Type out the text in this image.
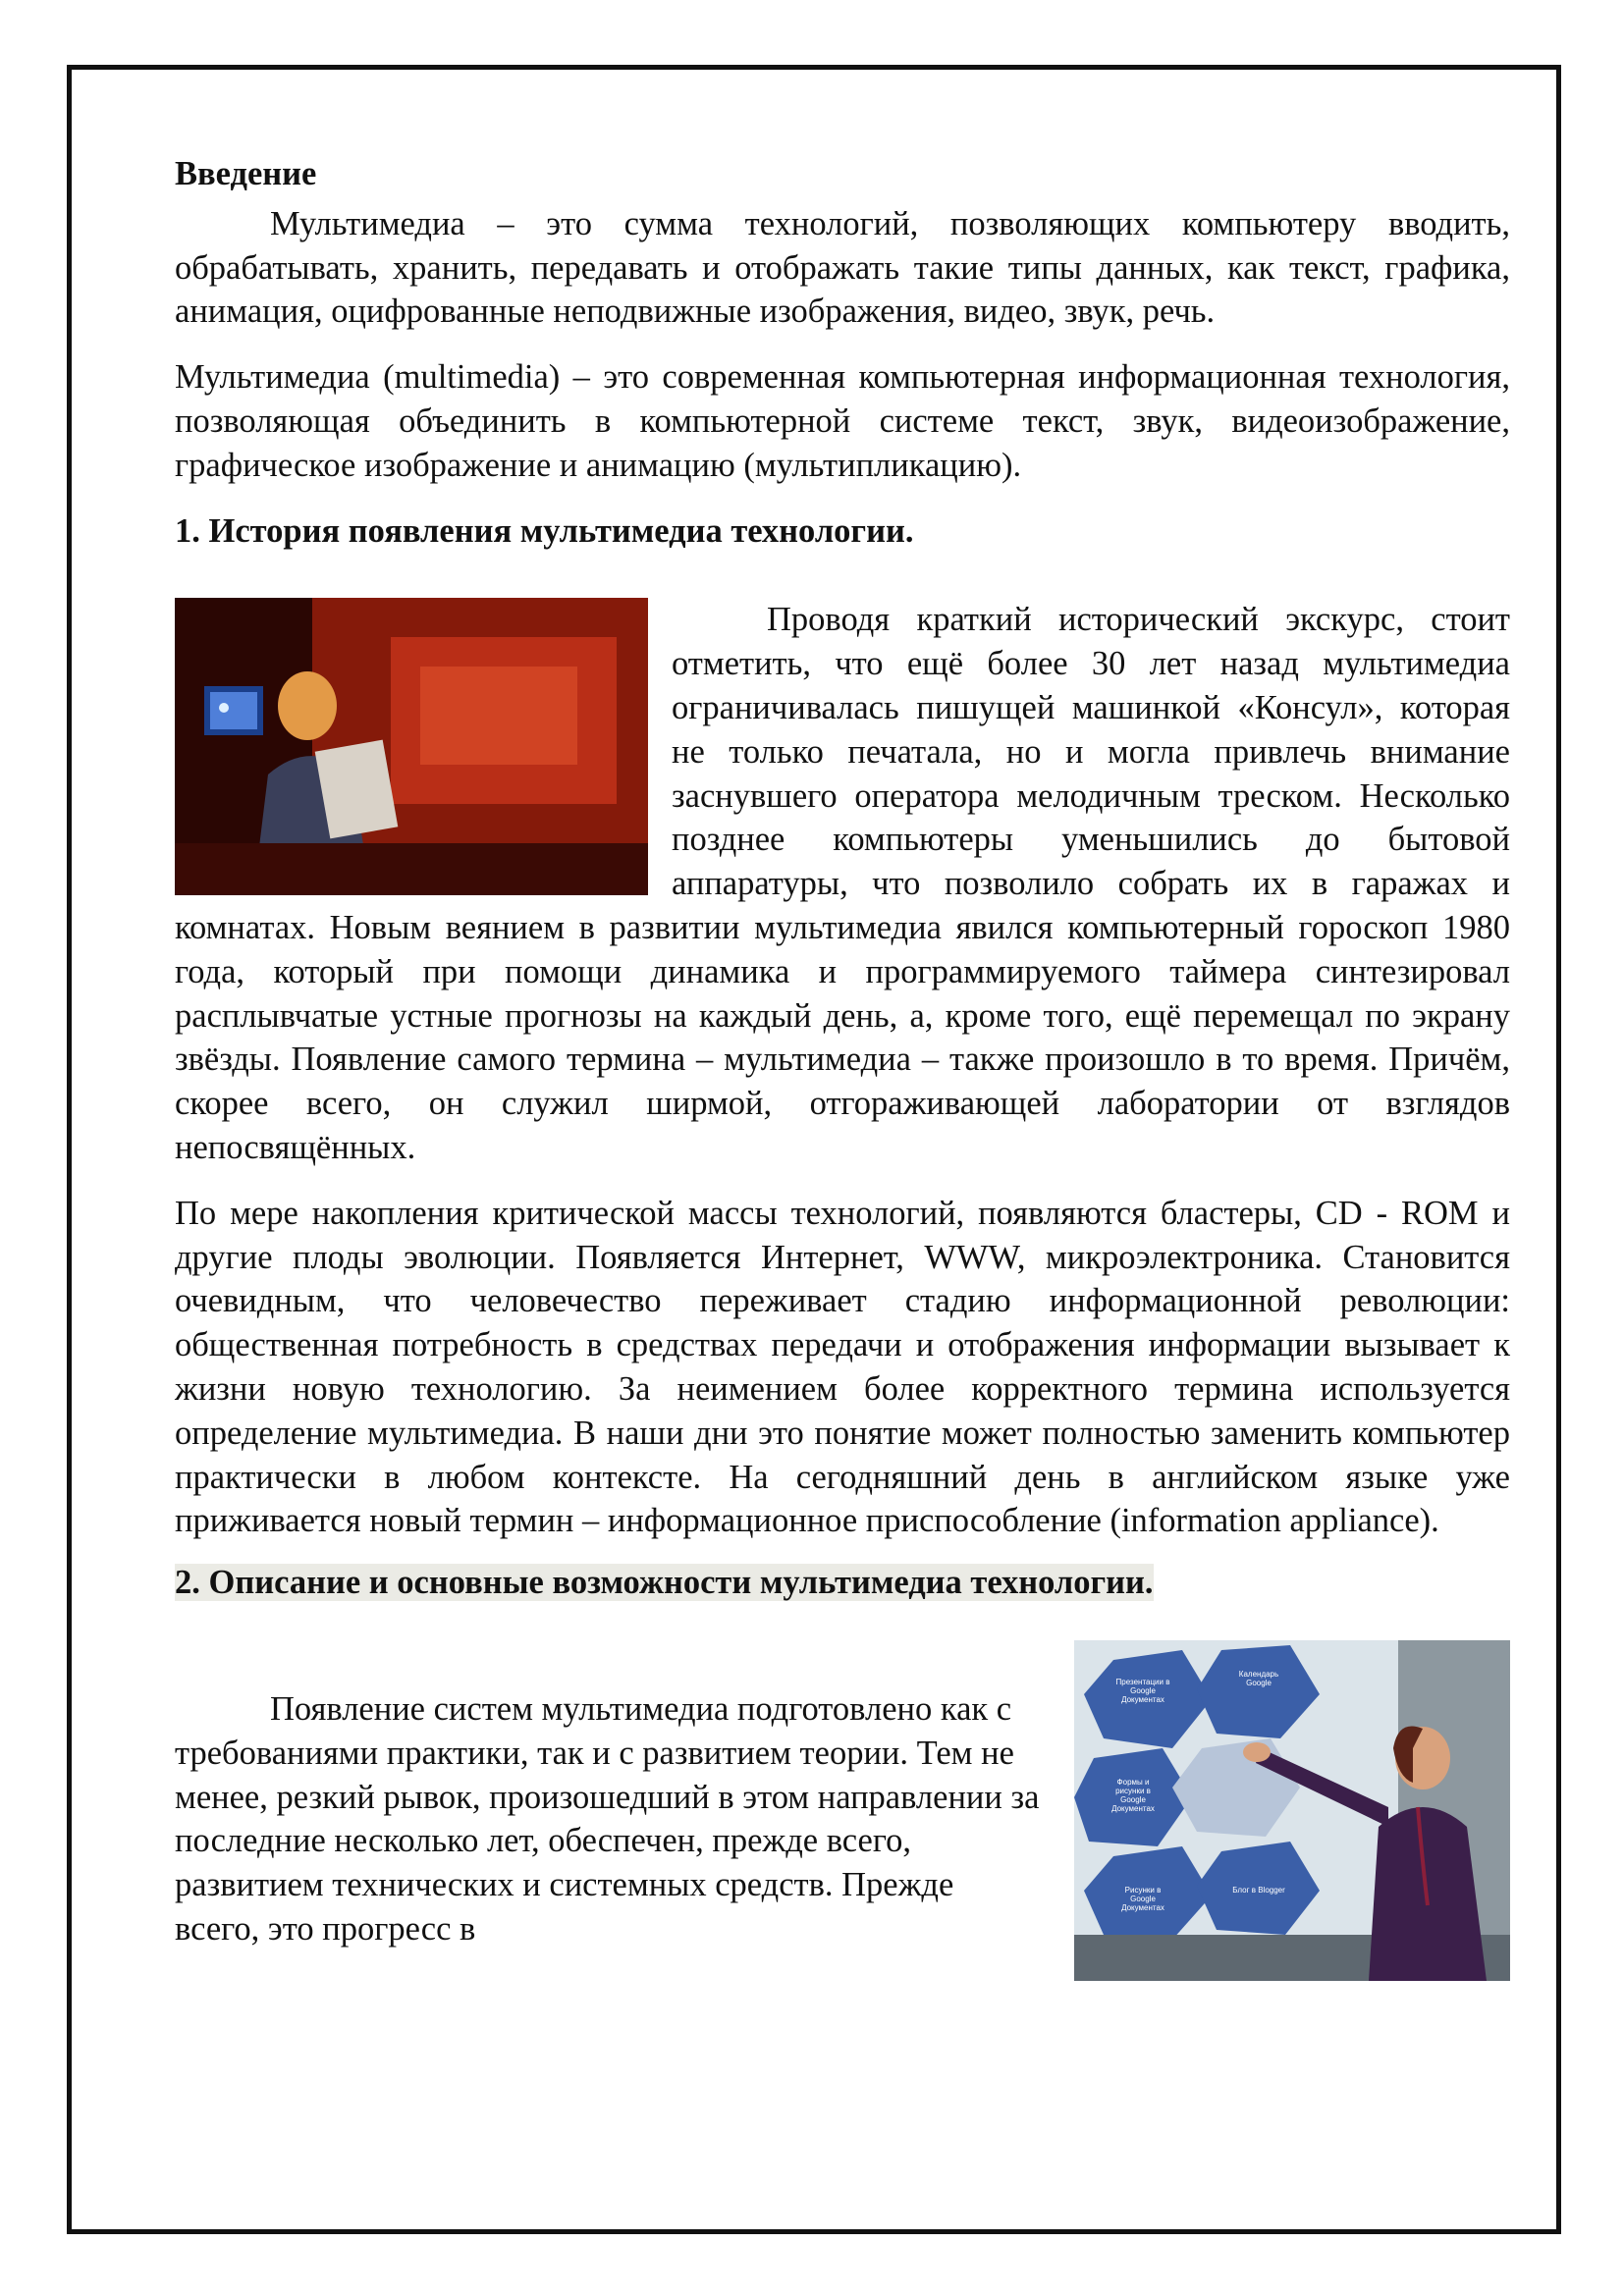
Введение

Мультимедиа – это сумма технологий, позволяющих компьютеру вводить, обрабатывать, хранить, передавать и отображать такие типы данных, как текст, графика, анимация, оцифрованные неподвижные изображения, видео, звук, речь.

Мультимедиа (multimedia) – это современная компьютерная информационная технология, позволяющая объединить в компьютерной системе текст, звук, видеоизображение, графическое изображение и анимацию (мультипликацию).

1. История появления мультимедиа технологии.

Проводя краткий исторический экскурс, стоит отметить, что ещё более 30 лет назад мультимедиа ограничивалась пишущей машинкой «Консул», которая не только печатала, но и могла привлечь внимание заснувшего оператора мелодичным треском. Несколько позднее компьютеры уменьшились до бытовой аппаратуры, что позволило собрать их в гаражах и комнатах. Новым веянием в развитии мультимедиа явился компьютерный гороскоп 1980 года, который при помощи динамика и программируемого таймера синтезировал расплывчатые устные прогнозы на каждый день, а, кроме того, ещё перемещал по экрану звёзды. Появление самого термина – мультимедиа – также произошло в то время. Причём, скорее всего, он служил ширмой, отгораживающей лаборатории от взглядов непосвящённых.

По мере накопления критической массы технологий, появляются бластеры, CD - ROM и другие плоды эволюции. Появляется Интернет, WWW, микроэлектроника. Становится очевидным, что человечество переживает стадию информационной революции: общественная потребность в средствах передачи и отображения информации вызывает к жизни новую технологию. За неимением более корректного термина используется определение мультимедиа. В наши дни это понятие может полностью заменить компьютер практически в любом контексте. На сегодняшний день в английском языке уже приживается новый термин – информационное приспособление (information appliance).

2. Описание и основные возможности мультимедиа технологии.

Презентации в Google Документах
Календарь Google
Формы и рисунки в Google Документах
Рисунки в Google Документах
Блог в Blogger

Появление систем мультимедиа подготовлено как с требованиями практики, так и с развитием теории. Тем не менее, резкий рывок, произошедший в этом направлении за последние несколько лет, обеспечен, прежде всего, развитием технических и системных средств. Прежде всего, это прогресс в
